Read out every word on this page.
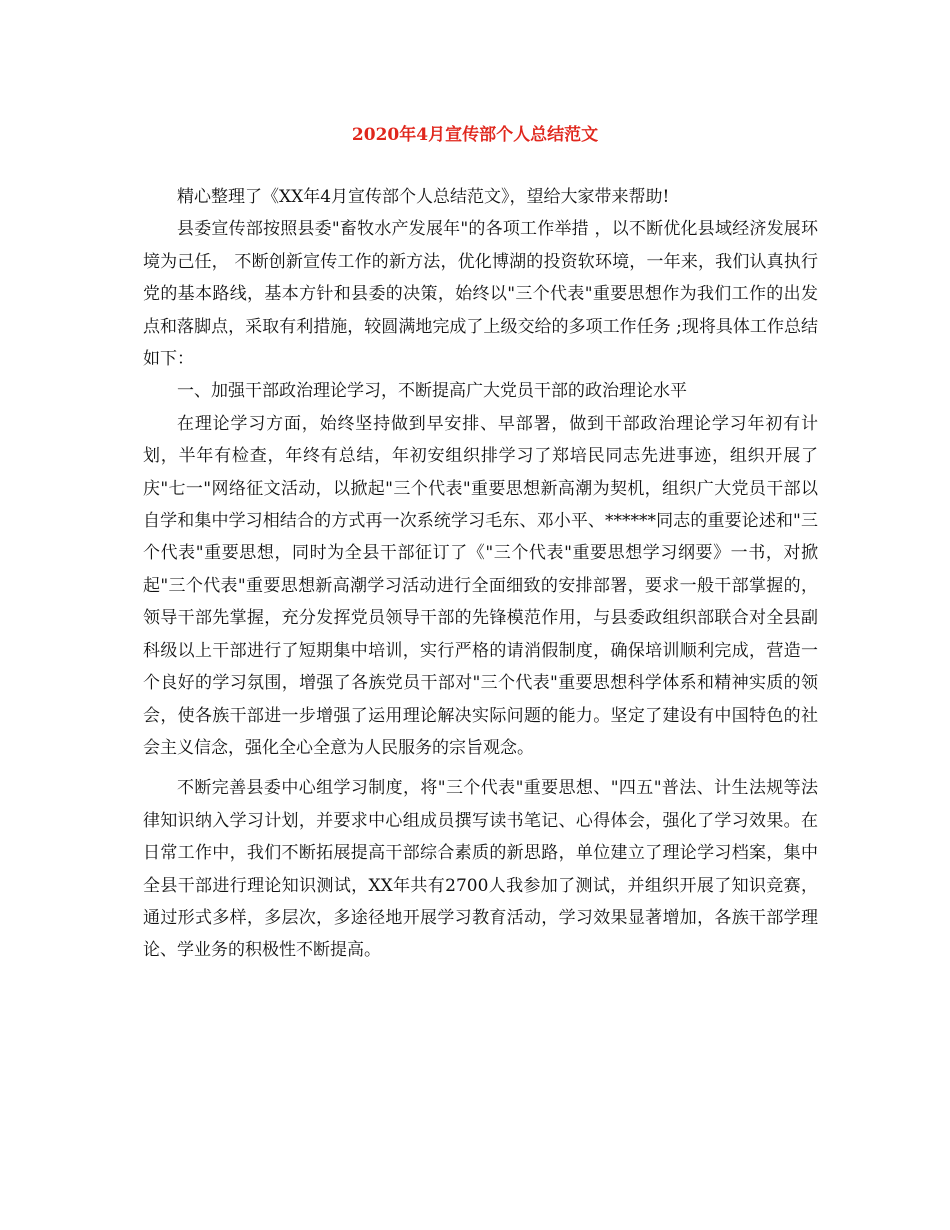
2020年4月宣传部个人总结范文

精心整理了《XX年4月宣传部个人总结范文》，望给大家带来帮助!

县委宣传部按照县委"畜牧水产发展年"的各项工作举措 ，以不断优化县域经济发展环境为己任， 不断创新宣传工作的新方法，优化博湖的投资软环境，一年来，我们认真执行党的基本路线，基本方针和县委的决策，始终以"三个代表"重要思想作为我们工作的出发点和落脚点，采取有利措施，较圆满地完成了上级交给的多项工作任务 ;现将具体工作总结如下：

一、加强干部政治理论学习，不断提高广大党员干部的政治理论水平

在理论学习方面，始终坚持做到早安排、早部署，做到干部政治理论学习年初有计划，半年有检查，年终有总结，年初安组织排学习了郑培民同志先进事迹，组织开展了庆"七一"网络征文活动，以掀起"三个代表"重要思想新高潮为契机，组织广大党员干部以自学和集中学习相结合的方式再一次系统学习毛东、邓小平、******同志的重要论述和"三个代表"重要思想，同时为全县干部征订了《"三个代表"重要思想学习纲要》一书，对掀起"三个代表"重要思想新高潮学习活动进行全面细致的安排部署，要求一般干部掌握的，领导干部先掌握，充分发挥党员领导干部的先锋模范作用，与县委政组织部联合对全县副科级以上干部进行了短期集中培训，实行严格的请消假制度，确保培训顺利完成，营造一个良好的学习氛围，增强了各族党员干部对"三个代表"重要思想科学体系和精神实质的领会，使各族干部进一步增强了运用理论解决实际问题的能力。坚定了建设有中国特色的社会主义信念，强化全心全意为人民服务的宗旨观念。

不断完善县委中心组学习制度，将"三个代表"重要思想、"四五"普法、计生法规等法律知识纳入学习计划，并要求中心组成员撰写读书笔记、心得体会，强化了学习效果。在日常工作中，我们不断拓展提高干部综合素质的新思路，单位建立了理论学习档案，集中全县干部进行理论知识测试，XX年共有2700人我参加了测试，并组织开展了知识竞赛，通过形式多样，多层次，多途径地开展学习教育活动，学习效果显著增加，各族干部学理论、学业务的积极性不断提高。
